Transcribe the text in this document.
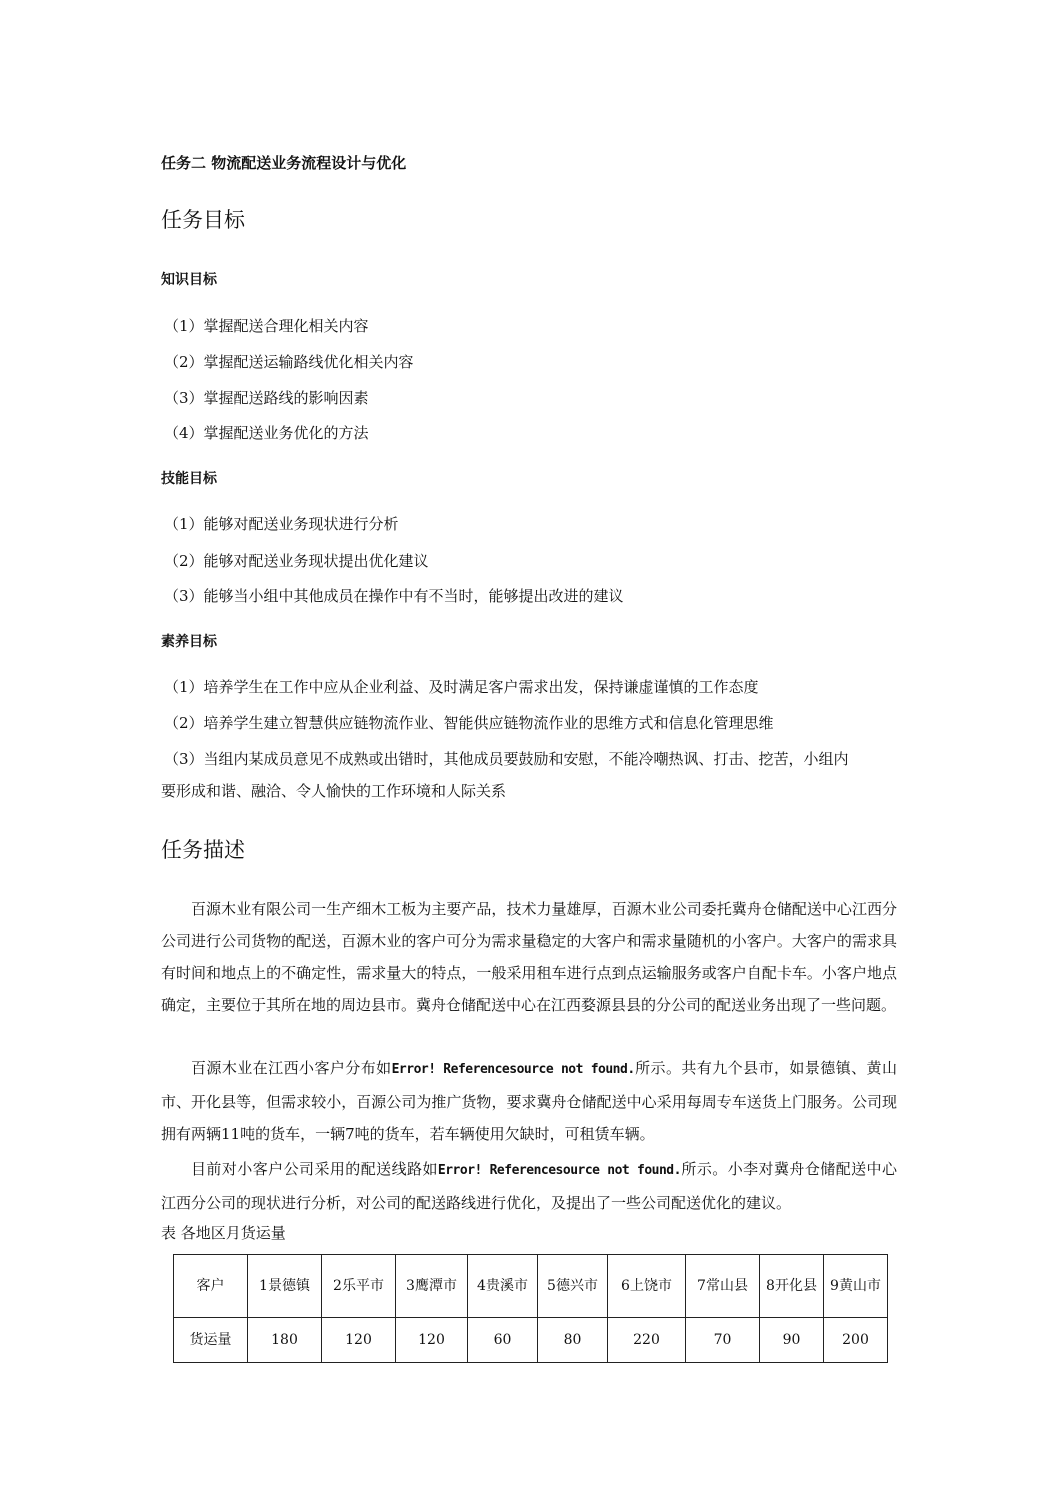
任务二 物流配送业务流程设计与优化
任务目标
知识目标
（1）掌握配送合理化相关内容
（2）掌握配送运输路线优化相关内容
（3）掌握配送路线的影响因素
（4）掌握配送业务优化的方法
技能目标
（1）能够对配送业务现状进行分析
（2）能够对配送业务现状提出优化建议
（3）能够当小组中其他成员在操作中有不当时，能够提出改进的建议
素养目标
（1）培养学生在工作中应从企业利益、及时满足客户需求出发，保持谦虚谨慎的工作态度
（2）培养学生建立智慧供应链物流作业、智能供应链物流作业的思维方式和信息化管理思维
（3）当组内某成员意见不成熟或出错时，其他成员要鼓励和安慰，不能冷嘲热讽、打击、挖苦，小组内
要形成和谐、融洽、令人愉快的工作环境和人际关系
任务描述

百源木业有限公司一生产细木工板为主要产品，技术力量雄厚，百源木业公司委托冀舟仓储配送中心江西分公司进行公司货物的配送，百源木业的客户可分为需求量稳定的大客户和需求量随机的小客户。大客户的需求具有时间和地点上的不确定性，需求量大的特点，一般采用租车进行点到点运输服务或客户自配卡车。小客户地点确定，主要位于其所在地的周边县市。冀舟仓储配送中心在江西婺源县县的分公司的配送业务出现了一些问题。

百源木业在江西小客户分布如Error! Referencesource not found.所示。共有九个县市，如景德镇、黄山市、开化县等，但需求较小，百源公司为推广货物，要求冀舟仓储配送中心采用每周专车送货上门服务。公司现拥有两辆11吨的货车，一辆7吨的货车，若车辆使用欠缺时，可租赁车辆。

目前对小客户公司采用的配送线路如Error! Referencesource not found.所示。小李对冀舟仓储配送中心江西分公司的现状进行分析，对公司的配送路线进行优化，及提出了一些公司配送优化的建议。

表 各地区月货运量
客户	1景德镇	2乐平市	3鹰潭市	4贵溪市	5德兴市	6上饶市	7常山县	8开化县	9黄山市
货运量	180	120	120	60	80	220	70	90	200
